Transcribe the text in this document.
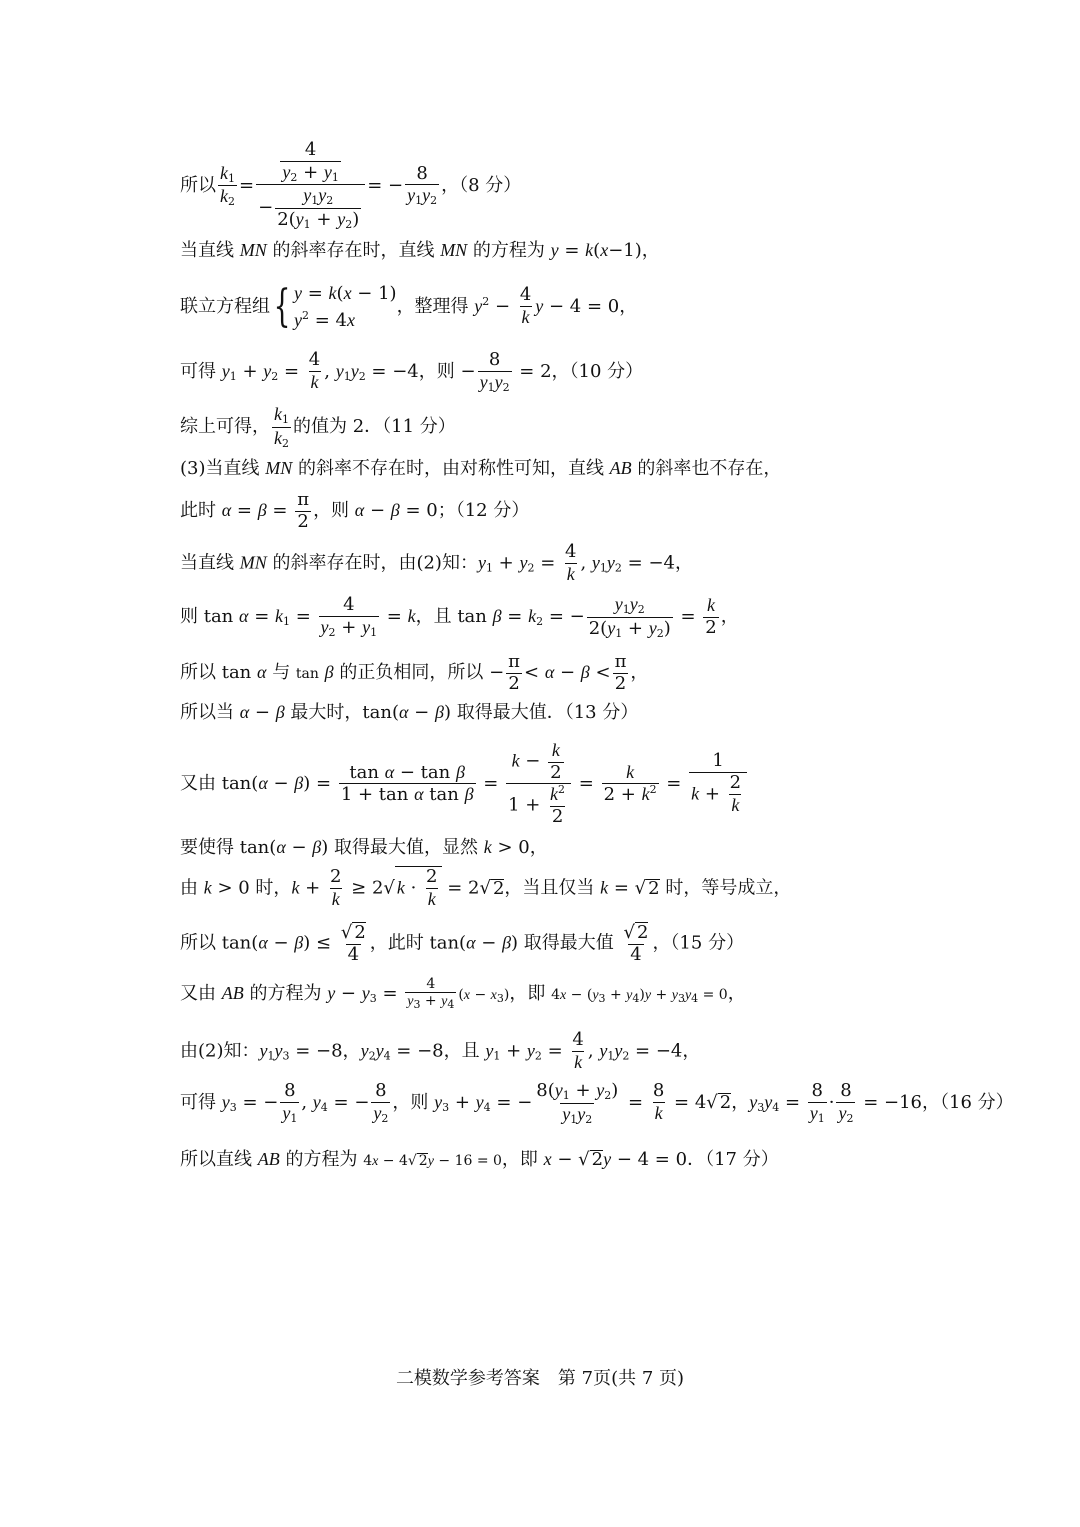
所以 $\frac{k_1}{k_2} = \frac{\frac{4}{y_2 + y_1}}{- \frac{y_1y_2}{2(y_1 + y_2)}}$ = − $\frac{8}{y_1y_2}$ ，（8 分）
当直线 MN 的斜率存在时，直线 MN 的方程为 y = k(x−1)，
联立方程组{ y = k(x − 1)
$y^2 = 4x$
，整理得 $y^2 - \frac{4}{k}$ y − 4 = 0，
可得 $y_1 + y_2 = \frac{4}{k}$ , $y_1y_2 = -4$，则 − $\frac{8}{y_1y_2} = 2$，（10 分）
综上可得， $\frac{k_1}{k_2}$ 的值为 2．（11 分）
(3)当直线 MN 的斜率不存在时，由对称性可知，直线 AB 的斜率也不存在，
此时 $\alpha = \beta = \frac{\pi}{2}$ ，则 α − β = 0；（12 分）
当直线 MN 的斜率存在时，由(2)知：$y_1 + y_2 = \frac{4}{k}$ , $y_1y_2 = -4$，
则 $\tan \alpha = k_1 = \frac{4}{y_2 + y_1} = k$，且 $\tan \beta = k_2$ = − $\frac{y_1y_2}{2(y_1 + y_2)} = \frac{k}{2}$ ，
所以 tan α 与 tan β 的正负相同，所以 − $\frac{\pi}{2} < \alpha - \beta < \frac{\pi}{2}$ ，
所以当 α − β 最大时，tan(α − β) 取得最大值．（13 分）
又由 $\tan(\alpha - \beta) = \frac{\text{tan α − tan β}}{\text{1 + tan α tan β}} = \frac{k - \frac{k}{2}}{1 + \frac{k^2}{2}} = \frac{k}{2 + k^2} = \frac{1}{k + \frac{2}{k}}$
要使得 tan(α − β) 取得最大值，显然 k > 0，
由 k > 0 时，$k + \frac{2}{k} \ge 2√$ $k \cdot \frac{2}{k} = 2√$ 2，当且仅当 k = √ 2 时，等号成立，
所以 $\tan(\alpha - \beta) \le \frac{√ 2}{4}$ ，此时 tan(α − β) 取得最大值 $\frac{√ 2}{4}$ ，（15 分）
又由 AB 的方程为 $y - y_3 = \frac{4}{y_3 + y_4} (x - x_3)$，即 $4x - (y_3 + y_4)y + y_3y_4 = 0$，
由(2)知：$y_1y_3 = -8$，$y_2y_4 = -8$，且 $y_1 + y_2 = \frac{4}{k}$ , $y_1y_2 = -4$，
可得 $y_3$ = − $\frac{8}{y_1}$ , $y_4$ = − $\frac{8}{y_2}$ ，则 $y_3 + y_4$ = − $\frac{8(y_1 + y_2)}{y_1y_2} = \frac{8}{k} = 4√$ 2，$y_3y_4 = \frac{8}{y_1} \cdot \frac{8}{y_2} = -16$，（16 分）
所以直线 AB 的方程为 4x − 4√ 2y − 16 = 0，即 x − √ 2y − 4 = 0．（17 分）
二模数学参考答案　第 7页(共 7 页)
